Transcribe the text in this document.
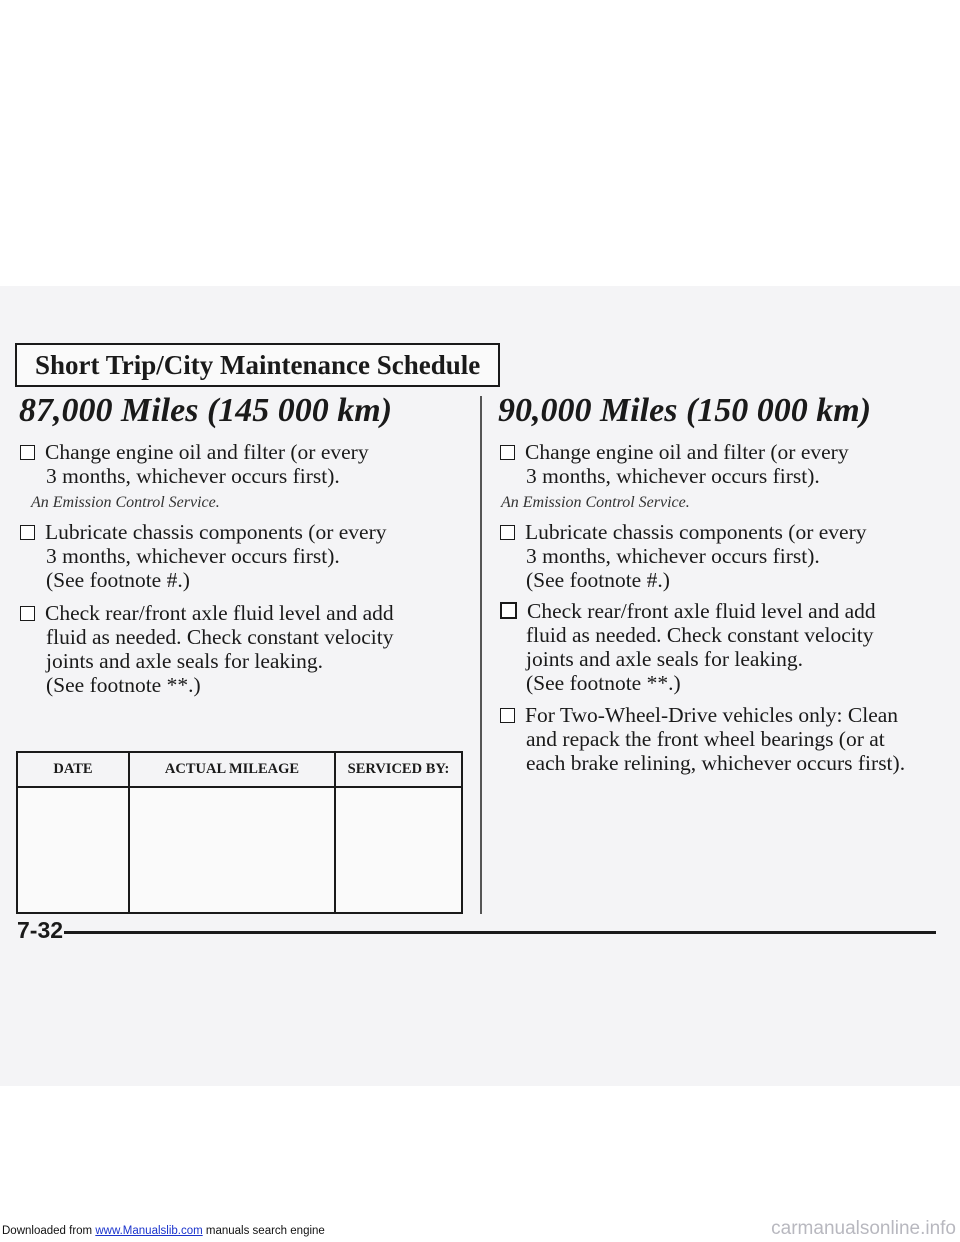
Short Trip/City Maintenance Schedule
87,000 Miles (145 000 km)
Change engine oil and filter (or every
3 months, whichever occurs first).
An Emission Control Service.
Lubricate chassis components (or every
3 months, whichever occurs first).
(See footnote #.)
Check rear/front axle fluid level and add
fluid as needed. Check constant velocity
joints and axle seals for leaking.
(See footnote **.)
DATE	ACTUAL MILEAGE	SERVICED BY:

90,000 Miles (150 000 km)
Change engine oil and filter (or every
3 months, whichever occurs first).
An Emission Control Service.
Lubricate chassis components (or every
3 months, whichever occurs first).
(See footnote #.)
Check rear/front axle fluid level and add
fluid as needed. Check constant velocity
joints and axle seals for leaking.
(See footnote **.)
For Two-Wheel-Drive vehicles only: Clean
and repack the front wheel bearings (or at
each brake relining, whichever occurs first).
7-32
Downloaded from www.Manualslib.com manuals search engine	carmanualsonline.info
